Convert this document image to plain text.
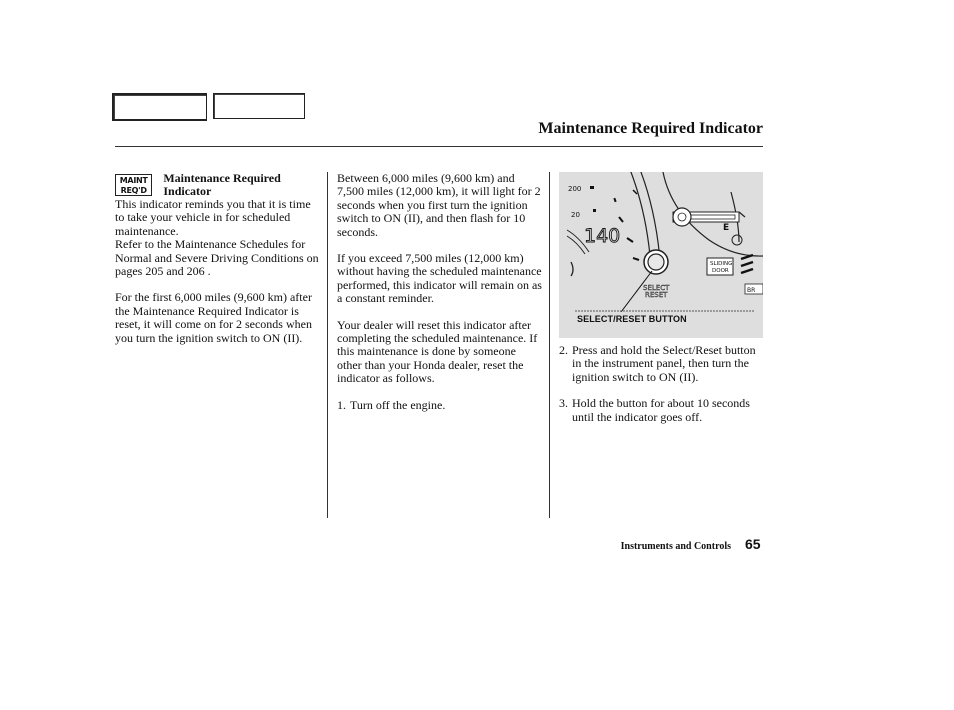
Maintenance Required Indicator
MAINT
REQ'D
Maintenance Required Indicator

This indicator reminds you that it is time to take your vehicle in for scheduled maintenance.

Refer to the Maintenance Schedules for Normal and Severe Driving Conditions on pages 205 and 206 .

For the first 6,000 miles (9,600 km) after the Maintenance Required Indicator is reset, it will come on for 2 seconds when you turn the ignition switch to ON (II).

Between 6,000 miles (9,600 km) and 7,500 miles (12,000 km), it will light for 2 seconds when you first turn the ignition switch to ON (II), and then flash for 10 seconds.

If you exceed 7,500 miles (12,000 km) without having the scheduled maintenance performed, this indicator will remain on as a constant reminder.

Your dealer will reset this indicator after completing the scheduled maintenance. If this maintenance is done by someone other than your Honda dealer, reset the indicator as follows.

1. Turn off the engine.
200
20
140
SELECT
RESET
E
SLIDING
DOOR
BR
SELECT/RESET BUTTON
2. Press and hold the Select/Reset button in the instrument panel, then turn the ignition switch to ON (II).
3. Hold the button for about 10 seconds until the indicator goes off.
Instruments and Controls 65
